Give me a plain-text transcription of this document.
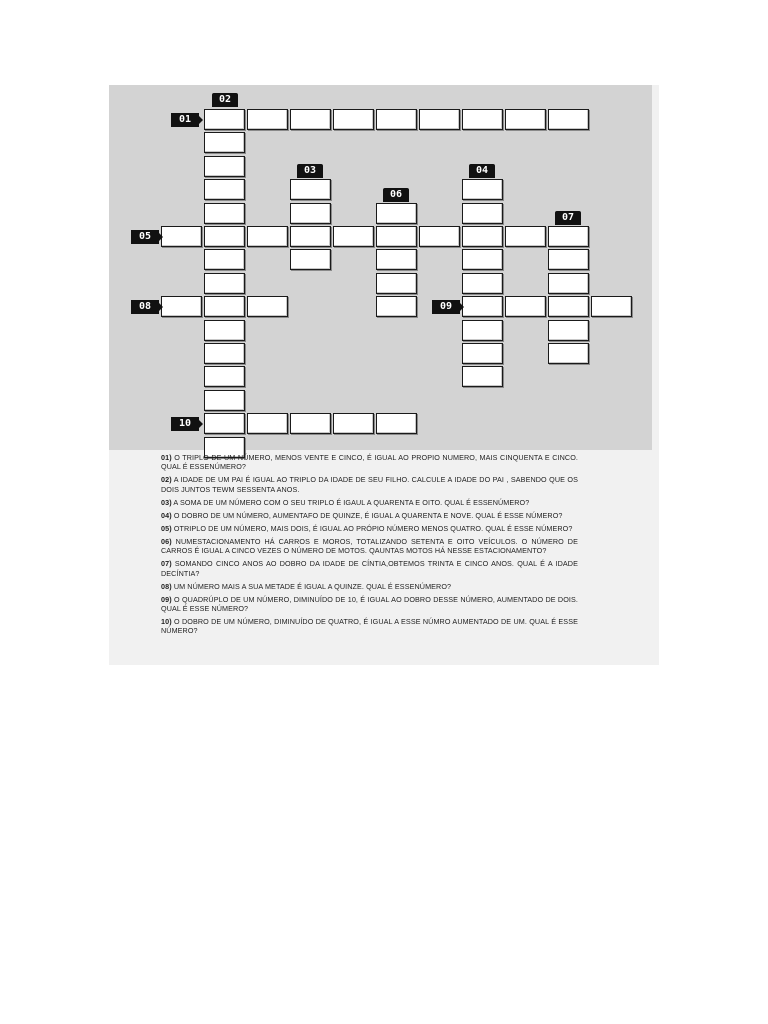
01
02
03	04
05
06
07
08	09
10

01) O TRIPLO DE UM NÚMERO, MENOS VENTE E CINCO, É IGUAL AO PROPIO NUMERO, MAIS CINQUENTA E CINCO. QUAL É ESSENÚMERO?

02) A IDADE DE UM PAI É IGUAL AO TRIPLO DA IDADE DE SEU FILHO. CALCULE A IDADE DO PAI , SABENDO QUE OS DOIS JUNTOS TEWM SESSENTA ANOS.

03) A SOMA DE UM NÚMERO COM O SEU TRIPLO É IGAUL A QUARENTA E OITO. QUAL É ESSENÚMERO?

04) O DOBRO DE UM NÚMERO, AUMENTAFO DE QUINZE, É IGUAL A QUARENTA E NOVE. QUAL É ESSE NÚMERO?

05) OTRIPLO DE UM NÚMERO, MAIS DOIS, É IGUAL AO PRÓPIO NÚMERO MENOS QUATRO. QUAL É ESSE NÚMERO?

06) NUMESTACIONAMENTO HÁ CARROS E MOROS, TOTALIZANDO SETENTA E OITO VEÍCULOS. O NÚMERO DE CARROS É IGUAL A CINCO VEZES O NÚMERO DE MOTOS. QAUNTAS MOTOS HÁ NESSE ESTACIONAMENTO?

07) SOMANDO CINCO ANOS AO DOBRO DA IDADE DE CÍNTIA,OBTEMOS TRINTA E CINCO ANOS. QUAL É A IDADE DECÍNTIA?

08) UM NÚMERO MAIS A SUA METADE É IGUAL A QUINZE. QUAL É ESSENÚMERO?

09) O QUADRÚPLO DE UM NÚMERO, DIMINUÍDO DE 10, É IGUAL AO DOBRO DESSE NÚMERO, AUMENTADO DE DOIS. QUAL É ESSE NÚMERO?

10) O DOBRO DE UM NÚMERO, DIMINUÍDO DE QUATRO, É IGUAL A ESSE NÚMRO AUMENTADO DE UM. QUAL É ESSE NÚMERO?
